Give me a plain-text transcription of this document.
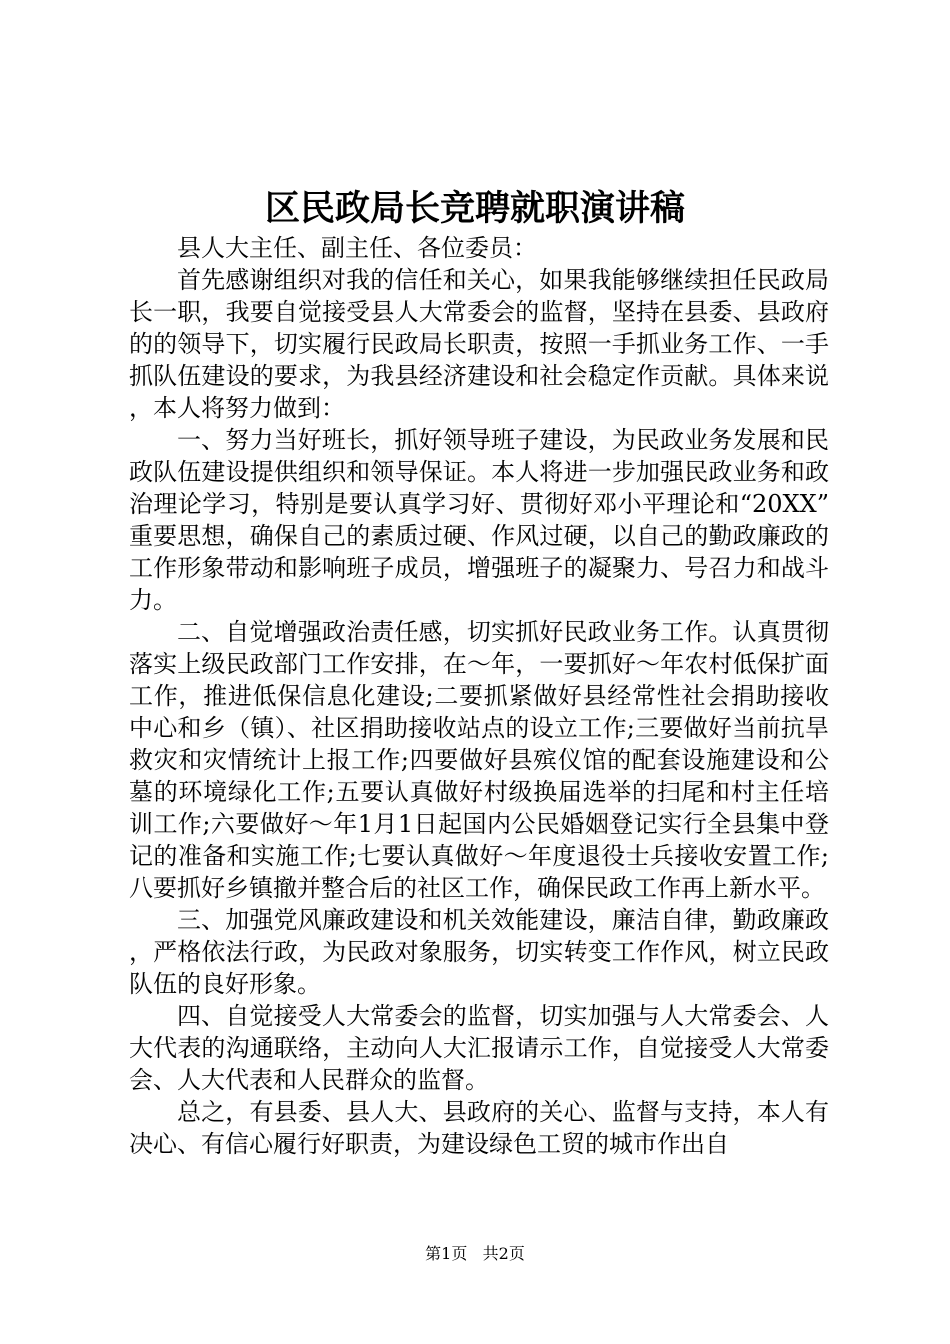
区民政局长竞聘就职演讲稿

县人大主任、副主任、各位委员：

首先感谢组织对我的信任和关心，如果我能够继续担任民政局长一职，我要自觉接受县人大常委会的监督，坚持在县委、县政府的的领导下，切实履行民政局长职责，按照一手抓业务工作、一手抓队伍建设的要求，为我县经济建设和社会稳定作贡献。具体来说，本人将努力做到：

一、努力当好班长，抓好领导班子建设，为民政业务发展和民政队伍建设提供组织和领导保证。本人将进一步加强民政业务和政治理论学习，特别是要认真学习好、贯彻好邓小平理论和“20XX”重要思想，确保自己的素质过硬、作风过硬，以自己的勤政廉政的工作形象带动和影响班子成员，增强班子的凝聚力、号召力和战斗力。

二、自觉增强政治责任感，切实抓好民政业务工作。认真贯彻落实上级民政部门工作安排，在～年，一要抓好～年农村低保扩面工作，推进低保信息化建设;二要抓紧做好县经常性社会捐助接收中心和乡（镇）、社区捐助接收站点的设立工作;三要做好当前抗旱救灾和灾情统计上报工作;四要做好县殡仪馆的配套设施建设和公墓的环境绿化工作;五要认真做好村级换届选举的扫尾和村主任培训工作;六要做好～年1月1日起国内公民婚姻登记实行全县集中登记的准备和实施工作;七要认真做好～年度退役士兵接收安置工作;八要抓好乡镇撤并整合后的社区工作，确保民政工作再上新水平。

三、加强党风廉政建设和机关效能建设，廉洁自律，勤政廉政，严格依法行政，为民政对象服务，切实转变工作作风，树立民政队伍的良好形象。

四、自觉接受人大常委会的监督，切实加强与人大常委会、人大代表的沟通联络，主动向人大汇报请示工作，自觉接受人大常委会、人大代表和人民群众的监督。

总之，有县委、县人大、县政府的关心、监督与支持，本人有决心、有信心履行好职责，为建设绿色工贸的城市作出自

第1页 共2页
